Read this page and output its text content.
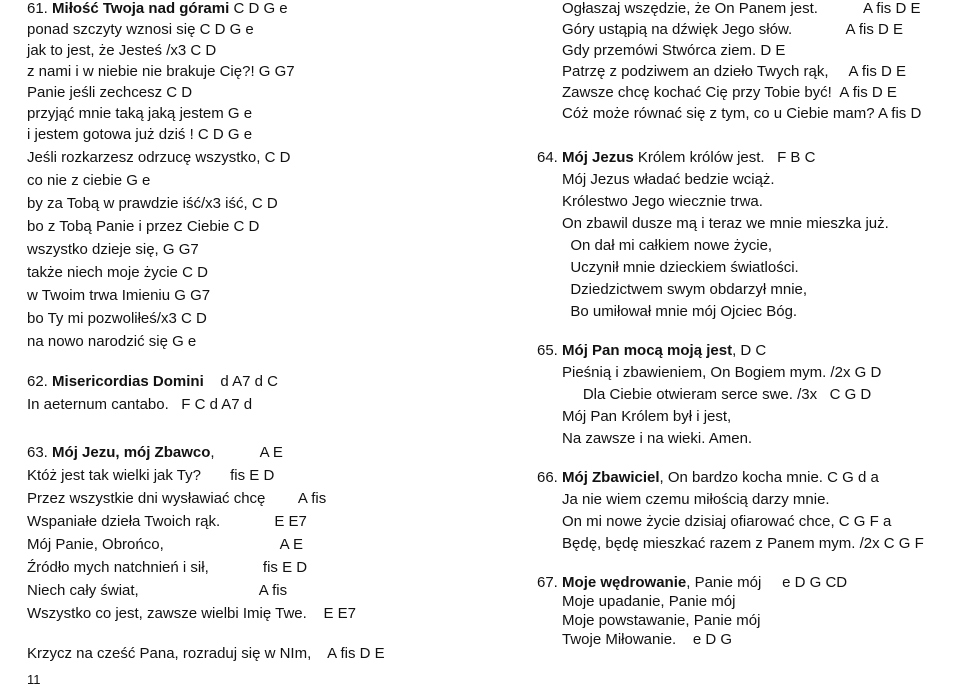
61. Miłość Twoja nad górami C D G e
ponad szczyty wznosi się C D G e
jak to jest, że Jesteś /x3 C D
z nami i w niebie nie brakuje Cię?! G G7
Panie jeśli zechcesz C D
przyjąć mnie taką jaką jestem G e
i jestem gotowa już dziś ! C D G e
Jeśli rozkarzesz odrzucę wszystko, C D
co nie z ciebie G e
by za Tobą w prawdzie iść/x3 iść, C D
bo z Tobą Panie i przez Ciebie C D
wszystko dzieje się, G G7
także niech moje życie C D
w Twoim trwa Imieniu G G7
bo Ty mi pozwoliłeś/x3 C D
na nowo narodzić się G e
62. Misericordias Domini    d A7 d C
In aeternum cantabo.   F C d A7 d
63. Mój Jezu, mój Zbawco,           A E
Któż jest tak wielki jak Ty?       fis E D
Przez wszystkie dni wysławiać chcę        A fis
Wspaniałe dzieła Twoich rąk.             E E7
Mój Panie, Obrońco,                            A E
Źródło mych natchnień i sił,             fis E D
Niech cały świat,                             A fis
Wszystko co jest, zawsze wielbi Imię Twe.    E E7
Krzycz na cześć Pana, rozraduj się w NIm,    A fis D E
Ogłaszaj wszędzie, że On Panem jest.           A fis D E
Góry ustąpią na dźwięk Jego słów.             A fis D E
Gdy przemówi Stwórca ziem. D E
Patrzę z podziwem an dzieło Twych rąk,     A fis D E
Zawsze chcę kochać Cię przy Tobie być!  A fis D E
Cóż może równać się z tym, co u Ciebie mam? A fis D
64. Mój Jezus Królem królów jest.   F B C
Mój Jezus władać bedzie wciąż.
Królestwo Jego wiecznie trwa.
On zbawil dusze mą i teraz we mnie mieszka już.
On dał mi całkiem nowe życie,
Uczynił mnie dzieckiem światlości.
Dziedzictwem swym obdarzył mnie,
Bo umiłował mnie mój Ojciec Bóg.
65. Mój Pan mocą moją jest, D C
Pieśnią i zbawieniem, On Bogiem mym. /2x G D
Dla Ciebie otwieram serce swe. /3x   C G D
Mój Pan Królem był i jest,
Na zawsze i na wieki. Amen.
66. Mój Zbawiciel, On bardzo kocha mnie. C G d a
Ja nie wiem czemu miłością darzy mnie.
On mi nowe życie dzisiaj ofiarować chce, C G F a
Będę, będę mieszkać razem z Panem mym. /2x C G F
67. Moje wędrowanie, Panie mój     e D G CD
Moje upadanie, Panie mój
Moje powstawanie, Panie mój
Twoje Miłowanie.    e D G
11
